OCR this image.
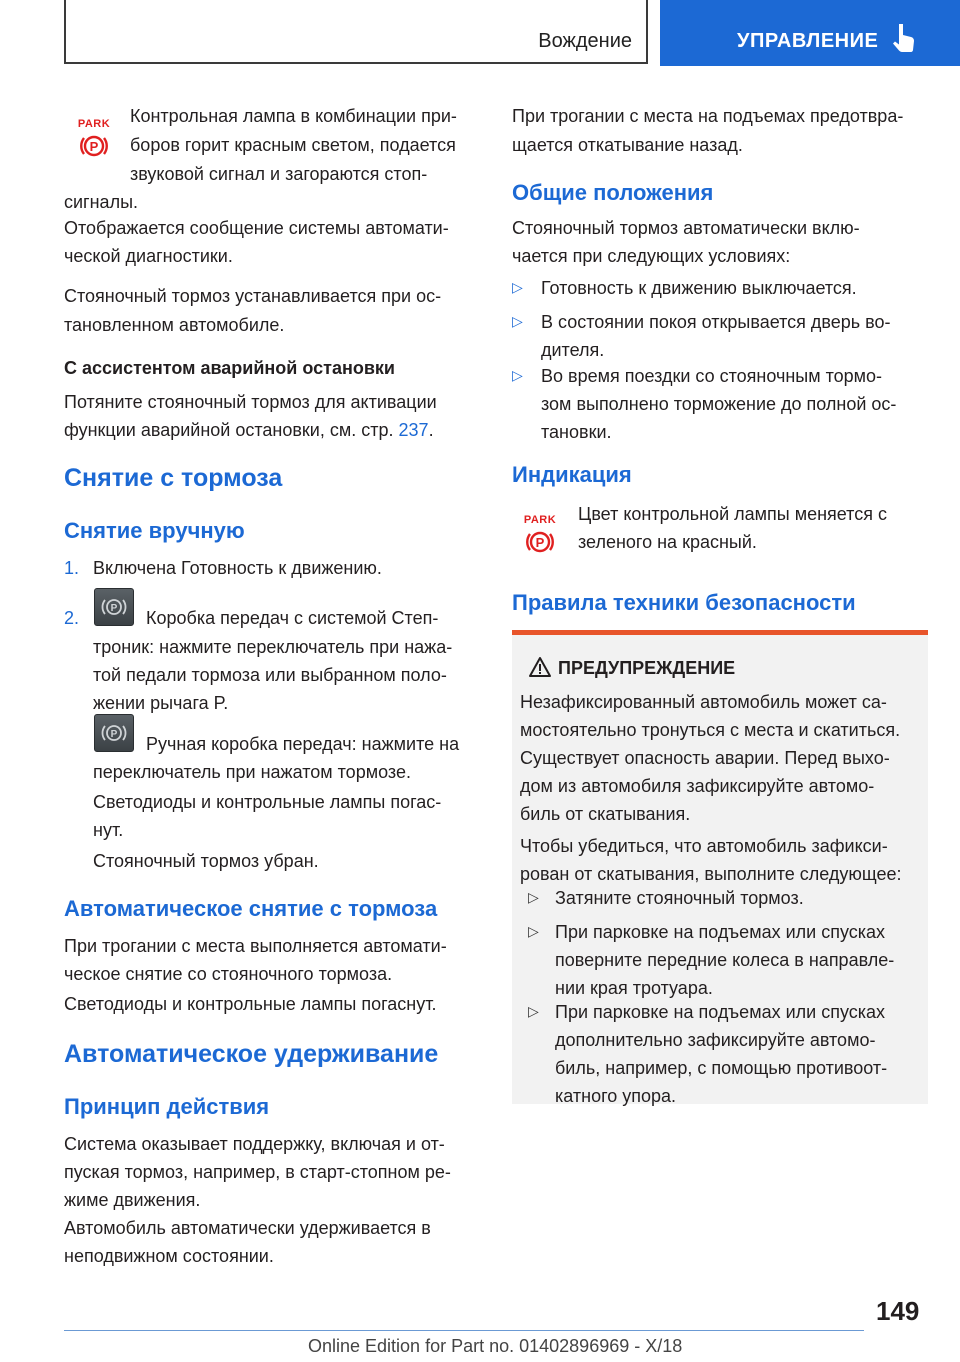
Вождение	УПРАВЛЕНИЕ
PARK
P

Контрольная лампа в комбинации при-

боров горит красным светом, подается

звуковой сигнал и загораются стоп-

сигналы.

Отображается сообщение системы автомати-

ческой диагностики.

Стояночный тормоз устанавливается при ос-

тановленном автомобиле.

С ассистентом аварийной остановки

Потяните стояночный тормоз для активации

функции аварийной остановки, см. стр. 237.

Снятие с тормоза

Снятие вручную

1. Включена Готовность к движению.

2.	P Коробка передач с системой Степ-

троник: нажмите переключатель при нажа-

той педали тормоза или выбранном поло-

жении рычага P.

P Ручная коробка передач: нажмите на

переключатель при нажатом тормозе.

Светодиоды и контрольные лампы погас-

нут.

Стояночный тормоз убран.

Автоматическое снятие с тормоза

При трогании с места выполняется автомати-

ческое снятие со стояночного тормоза.

Светодиоды и контрольные лампы погаснут.

Автоматическое удерживание

Принцип действия

Система оказывает поддержку, включая и от-

пуская тормоз, например, в старт-стопном ре-

жиме движения.

Автомобиль автоматически удерживается в

неподвижном состоянии.

При трогании с места на подъемах предотвра-

щается откатывание назад.

Общие положения

Стояночный тормоз автоматически вклю-

чается при следующих условиях:

▷ Готовность к движению выключается.

▷ В состоянии покоя открывается дверь во-

дителя.

▷ Во время поездки со стояночным тормо-

зом выполнено торможение до полной ос-

тановки.

Индикация

PARK
P

Цвет контрольной лампы меняется с

зеленого на красный.

Правила техники безопасности

ПРЕДУПРЕЖДЕНИЕ

Незафиксированный автомобиль может са-

мостоятельно тронуться с места и скатиться.

Существует опасность аварии. Перед выхо-

дом из автомобиля зафиксируйте автомо-

биль от скатывания.

Чтобы убедиться, что автомобиль зафикси-

рован от скатывания, выполните следующее:

▷ Затяните стояночный тормоз.

▷ При парковке на подъемах или спусках

поверните передние колеса в направле-

нии края тротуара.

▷ При парковке на подъемах или спусках

дополнительно зафиксируйте автомо-

биль, например, с помощью противоот-

катного упора.

149
Online Edition for Part no. 01402896969 - X/18
